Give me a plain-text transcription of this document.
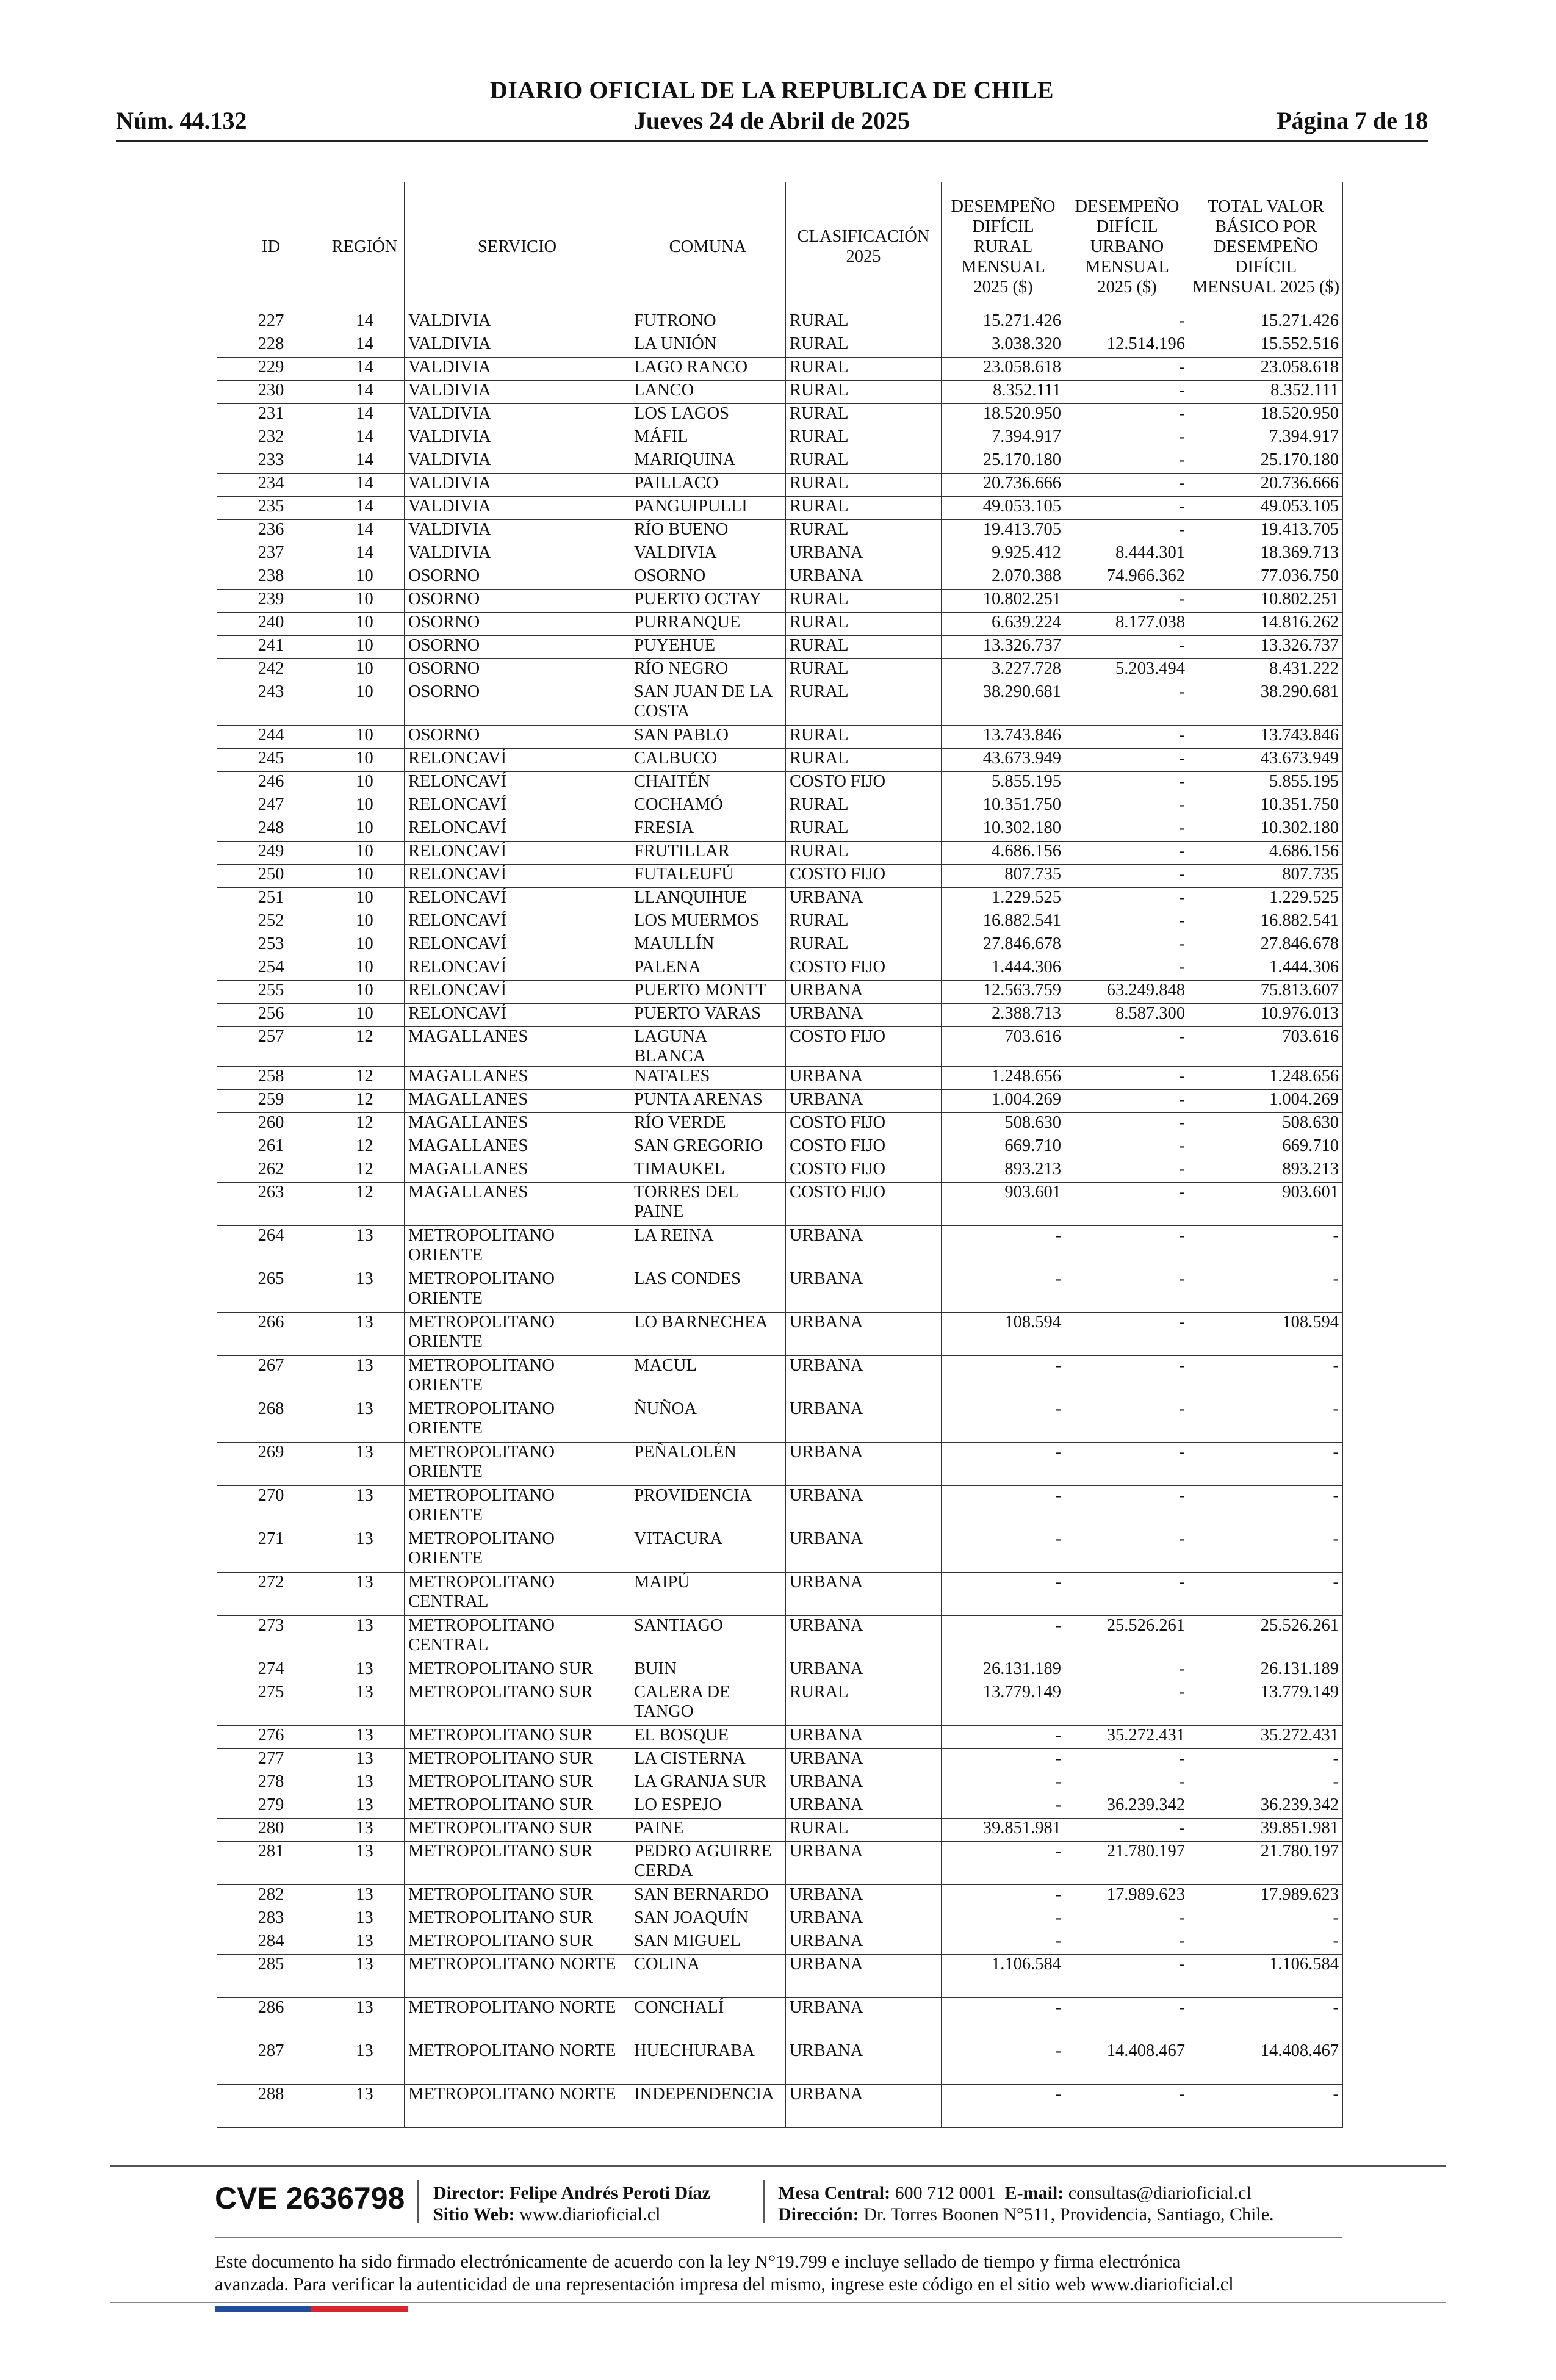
DIARIO OFICIAL DE LA REPUBLICA DE CHILE
Núm. 44.132	Jueves 24 de Abril de 2025	Página 7 de 18
ID	REGIÓN	SERVICIO	COMUNA	CLASIFICACIÓN 2025	DESEMPEÑO DIFÍCIL RURAL MENSUAL 2025 ($)	DESEMPEÑO DIFÍCIL URBANO MENSUAL 2025 ($)	TOTAL VALOR BÁSICO POR DESEMPEÑO DIFÍCIL MENSUAL 2025 ($)
227	14	VALDIVIA	FUTRONO	RURAL	15.271.426	-	15.271.426
228	14	VALDIVIA	LA UNIÓN	RURAL	3.038.320	12.514.196	15.552.516
229	14	VALDIVIA	LAGO RANCO	RURAL	23.058.618	-	23.058.618
230	14	VALDIVIA	LANCO	RURAL	8.352.111	-	8.352.111
231	14	VALDIVIA	LOS LAGOS	RURAL	18.520.950	-	18.520.950
232	14	VALDIVIA	MÁFIL	RURAL	7.394.917	-	7.394.917
233	14	VALDIVIA	MARIQUINA	RURAL	25.170.180	-	25.170.180
234	14	VALDIVIA	PAILLACO	RURAL	20.736.666	-	20.736.666
235	14	VALDIVIA	PANGUIPULLI	RURAL	49.053.105	-	49.053.105
236	14	VALDIVIA	RÍO BUENO	RURAL	19.413.705	-	19.413.705
237	14	VALDIVIA	VALDIVIA	URBANA	9.925.412	8.444.301	18.369.713
238	10	OSORNO	OSORNO	URBANA	2.070.388	74.966.362	77.036.750
239	10	OSORNO	PUERTO OCTAY	RURAL	10.802.251	-	10.802.251
240	10	OSORNO	PURRANQUE	RURAL	6.639.224	8.177.038	14.816.262
241	10	OSORNO	PUYEHUE	RURAL	13.326.737	-	13.326.737
242	10	OSORNO	RÍO NEGRO	RURAL	3.227.728	5.203.494	8.431.222
243	10	OSORNO	SAN JUAN DE LA COSTA	RURAL	38.290.681	-	38.290.681
244	10	OSORNO	SAN PABLO	RURAL	13.743.846	-	13.743.846
245	10	RELONCAVÍ	CALBUCO	RURAL	43.673.949	-	43.673.949
246	10	RELONCAVÍ	CHAITÉN	COSTO FIJO	5.855.195	-	5.855.195
247	10	RELONCAVÍ	COCHAMÓ	RURAL	10.351.750	-	10.351.750
248	10	RELONCAVÍ	FRESIA	RURAL	10.302.180	-	10.302.180
249	10	RELONCAVÍ	FRUTILLAR	RURAL	4.686.156	-	4.686.156
250	10	RELONCAVÍ	FUTALEUFÚ	COSTO FIJO	807.735	-	807.735
251	10	RELONCAVÍ	LLANQUIHUE	URBANA	1.229.525	-	1.229.525
252	10	RELONCAVÍ	LOS MUERMOS	RURAL	16.882.541	-	16.882.541
253	10	RELONCAVÍ	MAULLÍN	RURAL	27.846.678	-	27.846.678
254	10	RELONCAVÍ	PALENA	COSTO FIJO	1.444.306	-	1.444.306
255	10	RELONCAVÍ	PUERTO MONTT	URBANA	12.563.759	63.249.848	75.813.607
256	10	RELONCAVÍ	PUERTO VARAS	URBANA	2.388.713	8.587.300	10.976.013
257	12	MAGALLANES	LAGUNA BLANCA	COSTO FIJO	703.616	-	703.616
258	12	MAGALLANES	NATALES	URBANA	1.248.656	-	1.248.656
259	12	MAGALLANES	PUNTA ARENAS	URBANA	1.004.269	-	1.004.269
260	12	MAGALLANES	RÍO VERDE	COSTO FIJO	508.630	-	508.630
261	12	MAGALLANES	SAN GREGORIO	COSTO FIJO	669.710	-	669.710
262	12	MAGALLANES	TIMAUKEL	COSTO FIJO	893.213	-	893.213
263	12	MAGALLANES	TORRES DEL PAINE	COSTO FIJO	903.601	-	903.601
264	13	METROPOLITANO ORIENTE	LA REINA	URBANA	-	-	-
265	13	METROPOLITANO ORIENTE	LAS CONDES	URBANA	-	-	-
266	13	METROPOLITANO ORIENTE	LO BARNECHEA	URBANA	108.594	-	108.594
267	13	METROPOLITANO ORIENTE	MACUL	URBANA	-	-	-
268	13	METROPOLITANO ORIENTE	ÑUÑOA	URBANA	-	-	-
269	13	METROPOLITANO ORIENTE	PEÑALOLÉN	URBANA	-	-	-
270	13	METROPOLITANO ORIENTE	PROVIDENCIA	URBANA	-	-	-
271	13	METROPOLITANO ORIENTE	VITACURA	URBANA	-	-	-
272	13	METROPOLITANO CENTRAL	MAIPÚ	URBANA	-	-	-
273	13	METROPOLITANO CENTRAL	SANTIAGO	URBANA	-	25.526.261	25.526.261
274	13	METROPOLITANO SUR	BUIN	URBANA	26.131.189	-	26.131.189
275	13	METROPOLITANO SUR	CALERA DE TANGO	RURAL	13.779.149	-	13.779.149
276	13	METROPOLITANO SUR	EL BOSQUE	URBANA	-	35.272.431	35.272.431
277	13	METROPOLITANO SUR	LA CISTERNA	URBANA	-	-	-
278	13	METROPOLITANO SUR	LA GRANJA SUR	URBANA	-	-	-
279	13	METROPOLITANO SUR	LO ESPEJO	URBANA	-	36.239.342	36.239.342
280	13	METROPOLITANO SUR	PAINE	RURAL	39.851.981	-	39.851.981
281	13	METROPOLITANO SUR	PEDRO AGUIRRE CERDA	URBANA	-	21.780.197	21.780.197
282	13	METROPOLITANO SUR	SAN BERNARDO	URBANA	-	17.989.623	17.989.623
283	13	METROPOLITANO SUR	SAN JOAQUÍN	URBANA	-	-	-
284	13	METROPOLITANO SUR	SAN MIGUEL	URBANA	-	-	-
285	13	METROPOLITANO NORTE	COLINA	URBANA	1.106.584	-	1.106.584
286	13	METROPOLITANO NORTE	CONCHALÍ	URBANA	-	-	-
287	13	METROPOLITANO NORTE	HUECHURABA	URBANA	-	14.408.467	14.408.467
288	13	METROPOLITANO NORTE	INDEPENDENCIA	URBANA	-	-	-
CVE 2636798 Director: Felipe Andrés Peroti Díaz
Sitio Web: www.diarioficial.cl
Mesa Central: 600 712 0001 E-mail: consultas@diarioficial.cl
Dirección: Dr. Torres Boonen N°511, Providencia, Santiago, Chile.
Este documento ha sido firmado electrónicamente de acuerdo con la ley N°19.799 e incluye sellado de tiempo y firma electrónica
avanzada. Para verificar la autenticidad de una representación impresa del mismo, ingrese este código en el sitio web www.diarioficial.cl
